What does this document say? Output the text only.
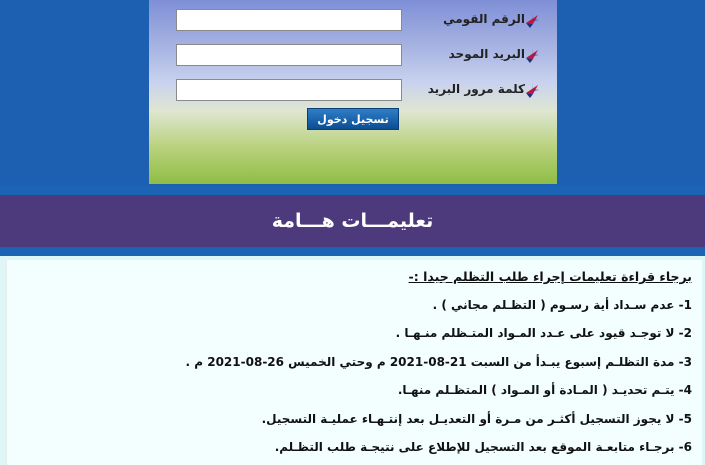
الرقم القومي
البريد الموحد
كلمة مرور البريد
تسجيل دخول
تعليمـــات هـــامة
برجاء قراءة تعليمات إجراء طلب التظلم جيدا :-
1- عدم سـداد أية رسـوم ( التظـلم مجاني ) .
2- لا توجـد قيود على عـدد المـواد المتـظلم منـهـا .
3- مدة التظلـم إسبوع يبـدأ من السبت 21-08-2021 م وحتي الخميس 26-08-2021 م .
4- يتـم تحديـد ( المـادة أو المـواد ) المتظـلم منهـا.
5- لا يجوز التسجيل أكثـر من مـرة أو التعديـل بعد إنتـهـاء عمليـة التسجيل.
6- برجـاء متابعـة الموقع بعد التسجيل للإطلاع على نتيجـة طلب التظـلم.
